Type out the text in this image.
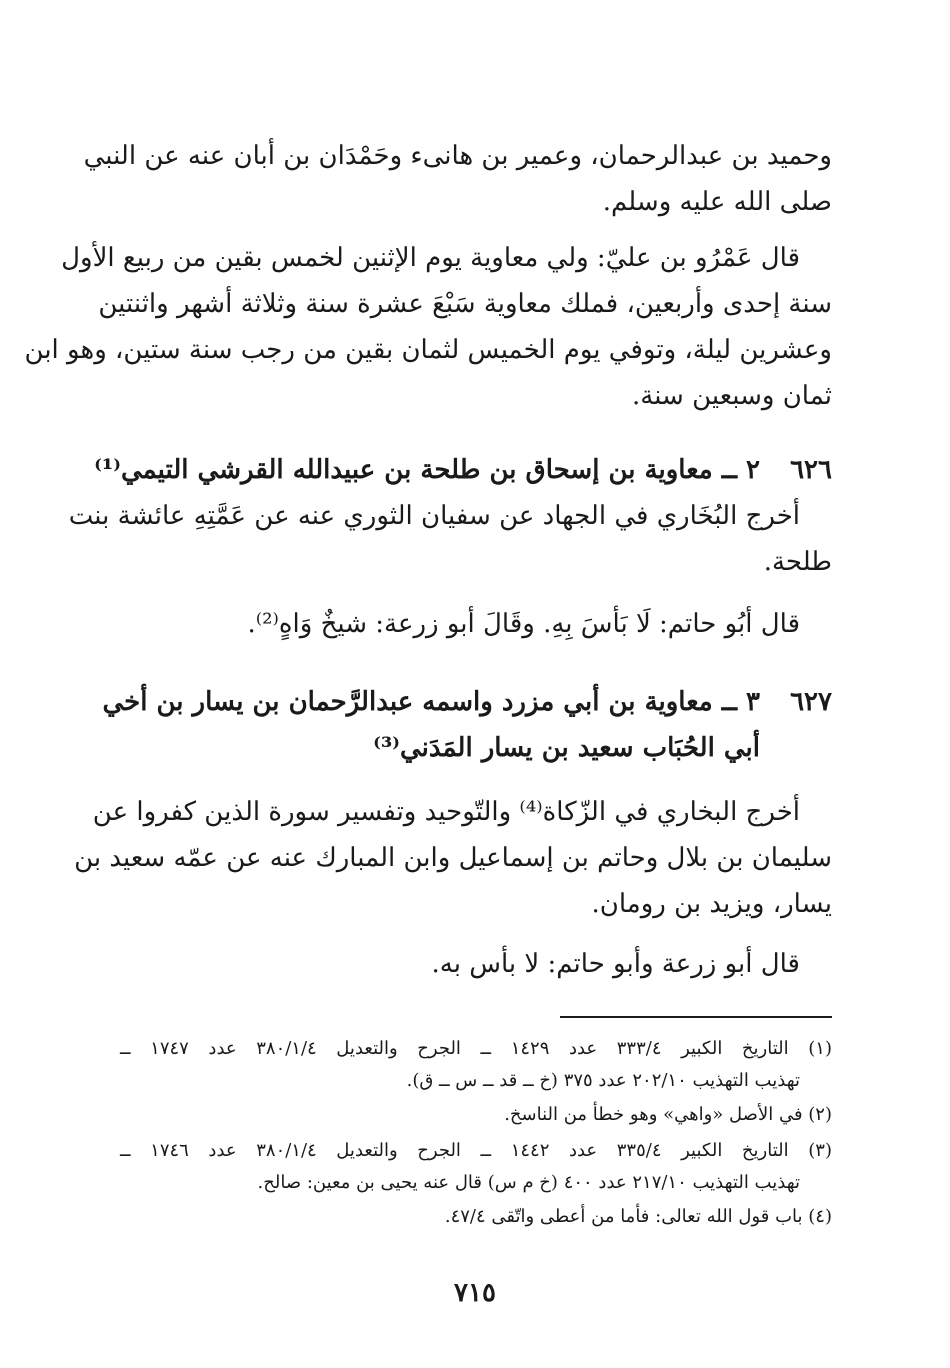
وحميد بن عبدالرحمان، وعمير بن هانىء وحَمْدَان بن أبان عنه عن النبي
صلى الله عليه وسلم.
قال عَمْرُو بن عليّ: ولي معاوية يوم الإثنين لخمس بقين من ربيع الأول
سنة إحدى وأربعين، فملك معاوية سَبْعَ عشرة سنة وثلاثة أشهر واثنتين
وعشرين ليلة، وتوفي يوم الخميس لثمان بقين من رجب سنة ستين، وهو ابن
ثمان وسبعين سنة.
٦٢٦
٢ ــ معاوية بن إسحاق بن طلحة بن عبيدالله القرشي التيمي⁽¹⁾
أخرج البُخَاري في الجهاد عن سفيان الثوري عنه عن عَمَّتِهِ عائشة بنت
طلحة.
قال أبُو حاتم: لَا بَأسَ بِهِ. وقَالَ أبو زرعة: شيخٌ وَاهٍ⁽²⁾.
٦٢٧
٣ ــ معاوية بن أبي مزرد واسمه عبدالرَّحمان بن يسار بن أخي
أبي الحُبَاب سعيد بن يسار المَدَني⁽³⁾
أخرج البخاري في الزّكاة⁽⁴⁾ والتّوحيد وتفسير سورة الذين كفروا عن
سليمان بن بلال وحاتم بن إسماعيل وابن المبارك عنه عن عمّه سعيد بن
يسار، ويزيد بن رومان.
قال أبو زرعة وأبو حاتم: لا بأس به.
(١) التاريخ الكبير ٣٣٣/٤ عدد ١٤٢٩ ــ الجرح والتعديل ٣٨٠/١/٤ عدد ١٧٤٧ ــ
تهذيب التهذيب ٢٠٢/١٠ عدد ٣٧٥ (خ ــ قد ــ س ــ ق).
(٢) في الأصل «واهي» وهو خطأ من الناسخ.
(٣) التاريخ الكبير ٣٣٥/٤ عدد ١٤٤٢ ــ الجرح والتعديل ٣٨٠/١/٤ عدد ١٧٤٦ ــ
تهذيب التهذيب ٢١٧/١٠ عدد ٤٠٠ (خ م س) قال عنه يحيى بن معين: صالح.
(٤) باب قول الله تعالى: فأما من أعطى واتّقى ٤٧/٤.
٧١٥
